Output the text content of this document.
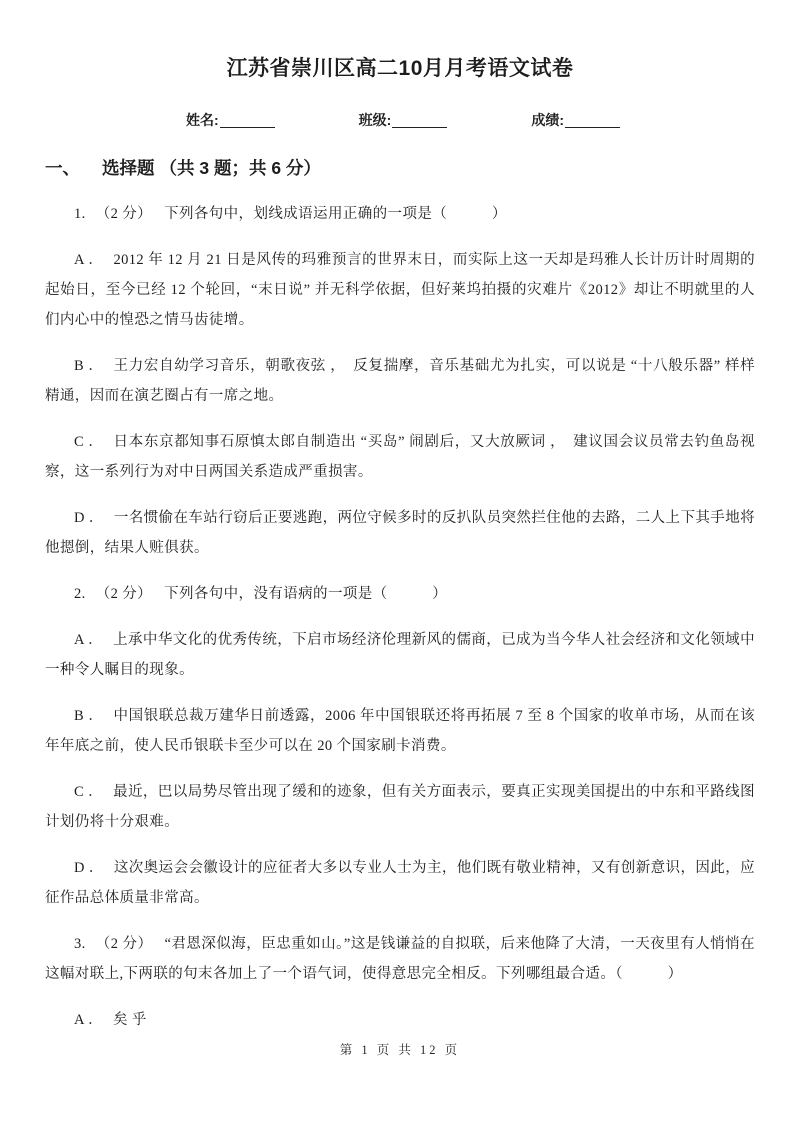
江苏省崇川区高二10月月考语文试卷
姓名:	班级:	成绩:
一、 选择题 （共 3 题；共 6 分）

1. （2 分） 下列各句中，划线成语运用正确的一项是（　　　）

A ． 2012 年 12 月 21 日是风传的玛雅预言的世界末日，而实际上这一天却是玛雅人长计历计时周期的起始日，至今已经 12 个轮回，“末日说” 并无科学依据，但好莱坞拍摄的灾难片《2012》却让不明就里的人们内心中的惶恐之情马齿徒增。

B ． 王力宏自幼学习音乐，朝歌夜弦 ，　反复揣摩，音乐基础尤为扎实，可以说是 “十八般乐器” 样样精通，因而在演艺圈占有一席之地。

C ． 日本东京都知事石原慎太郎自制造出 “买岛” 闹剧后，又大放厥词 ，　建议国会议员常去钓鱼岛视察，这一系列行为对中日两国关系造成严重损害。

D ． 一名惯偷在车站行窃后正要逃跑，两位守候多时的反扒队员突然拦住他的去路，二人上下其手地将他摁倒，结果人赃俱获。

2. （2 分） 下列各句中，没有语病的一项是（　　　）

A ． 上承中华文化的优秀传统，下启市场经济伦理新风的儒商，已成为当今华人社会经济和文化领域中一种令人瞩目的现象。

B ． 中国银联总裁万建华日前透露，2006 年中国银联还将再拓展 7 至 8 个国家的收单市场，从而在该年年底之前，使人民币银联卡至少可以在 20 个国家刷卡消费。

C ． 最近，巴以局势尽管出现了缓和的迹象，但有关方面表示，要真正实现美国提出的中东和平路线图计划仍将十分艰难。

D ． 这次奥运会会徽设计的应征者大多以专业人士为主，他们既有敬业精神，又有创新意识，因此，应征作品总体质量非常高。

3. （2 分） “君恩深似海，臣忠重如山。”这是钱谦益的自拟联，后来他降了大清，一天夜里有人悄悄在这幅对联上,下两联的句末各加上了一个语气词，使得意思完全相反。下列哪组最合适。（　　　）

A ． 矣 乎

第 1 页 共 12 页
